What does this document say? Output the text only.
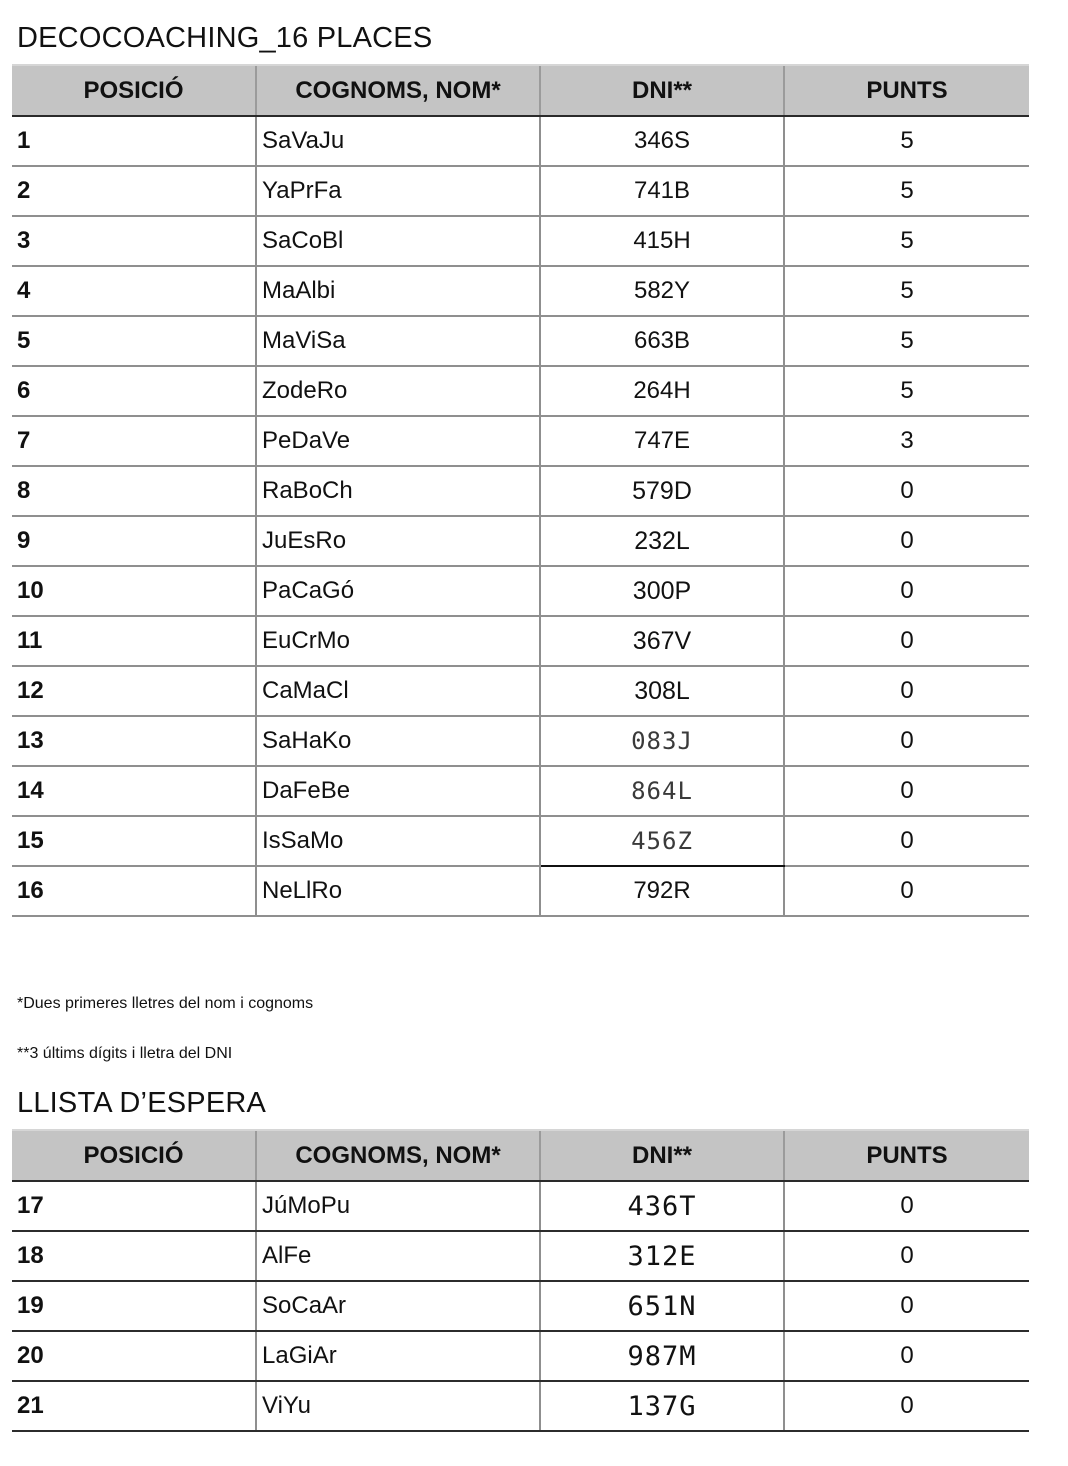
DECOCOACHING_16 PLACES
POSICIÓ	COGNOMS, NOM*	DNI**	PUNTS
1	SaVaJu	346S	5
2	YaPrFa	741B	5
3	SaCoBl	415H	5
4	MaAlbi	582Y	5
5	MaViSa	663B	5
6	ZodeRo	264H	5
7	PeDaVe	747E	3
8	RaBoCh	579D	0
9	JuEsRo	232L	0
10	PaCaGó	300P	0
11	EuCrMo	367V	0
12	CaMaCl	308L	0
13	SaHaKo	083J	0
14	DaFeBe	864L	0
15	IsSaMo	456Z	0
16	NeLlRo	792R	0

*Dues primeres lletres del nom i cognoms

**3 últims dígits i lletra del DNI

LLISTA D’ESPERA
POSICIÓ	COGNOMS, NOM*	DNI**	PUNTS
17	JúMoPu	436T	0
18	AlFe	312E	0
19	SoCaAr	651N	0
20	LaGiAr	987M	0
21	ViYu	137G	0
